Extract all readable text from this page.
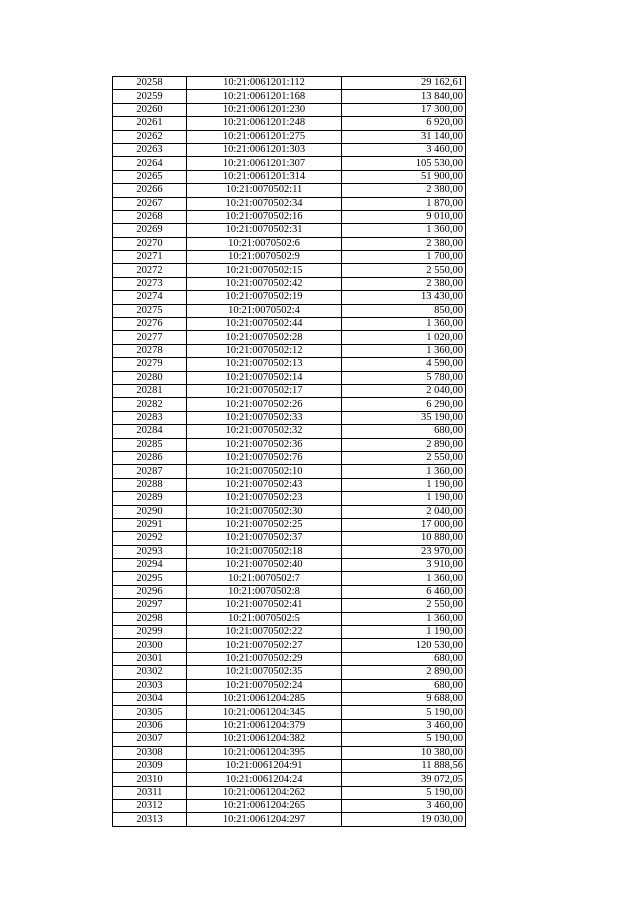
20258	10:21:0061201:112	29 162,61
20259	10:21:0061201:168	13 840,00
20260	10:21:0061201:230	17 300,00
20261	10:21:0061201:248	6 920,00
20262	10:21:0061201:275	31 140,00
20263	10:21:0061201:303	3 460,00
20264	10:21:0061201:307	105 530,00
20265	10:21:0061201:314	51 900,00
20266	10:21:0070502:11	2 380,00
20267	10:21:0070502:34	1 870,00
20268	10:21:0070502:16	9 010,00
20269	10:21:0070502:31	1 360,00
20270	10:21:0070502:6	2 380,00
20271	10:21:0070502:9	1 700,00
20272	10:21:0070502:15	2 550,00
20273	10:21:0070502:42	2 380,00
20274	10:21:0070502:19	13 430,00
20275	10:21:0070502:4	850,00
20276	10:21:0070502:44	1 360,00
20277	10:21:0070502:28	1 020,00
20278	10:21:0070502:12	1 360,00
20279	10:21:0070502:13	4 590,00
20280	10:21:0070502:14	5 780,00
20281	10:21:0070502:17	2 040,00
20282	10:21:0070502:26	6 290,00
20283	10:21:0070502:33	35 190,00
20284	10:21:0070502:32	680,00
20285	10:21:0070502:36	2 890,00
20286	10:21:0070502:76	2 550,00
20287	10:21:0070502:10	1 360,00
20288	10:21:0070502:43	1 190,00
20289	10:21:0070502:23	1 190,00
20290	10:21:0070502:30	2 040,00
20291	10:21:0070502:25	17 000,00
20292	10:21:0070502:37	10 880,00
20293	10:21:0070502:18	23 970,00
20294	10:21:0070502:40	3 910,00
20295	10:21:0070502:7	1 360,00
20296	10:21:0070502:8	6 460,00
20297	10:21:0070502:41	2 550,00
20298	10:21:0070502:5	1 360,00
20299	10:21:0070502:22	1 190,00
20300	10:21:0070502:27	120 530,00
20301	10:21:0070502:29	680,00
20302	10:21:0070502:35	2 890,00
20303	10:21:0070502:24	680,00
20304	10:21:0061204:285	9 688,00
20305	10:21:0061204:345	5 190,00
20306	10:21:0061204:379	3 460,00
20307	10:21:0061204:382	5 190,00
20308	10:21:0061204:395	10 380,00
20309	10:21:0061204:91	11 888,56
20310	10:21:0061204:24	39 072,05
20311	10:21:0061204:262	5 190,00
20312	10:21:0061204:265	3 460,00
20313	10:21:0061204:297	19 030,00
